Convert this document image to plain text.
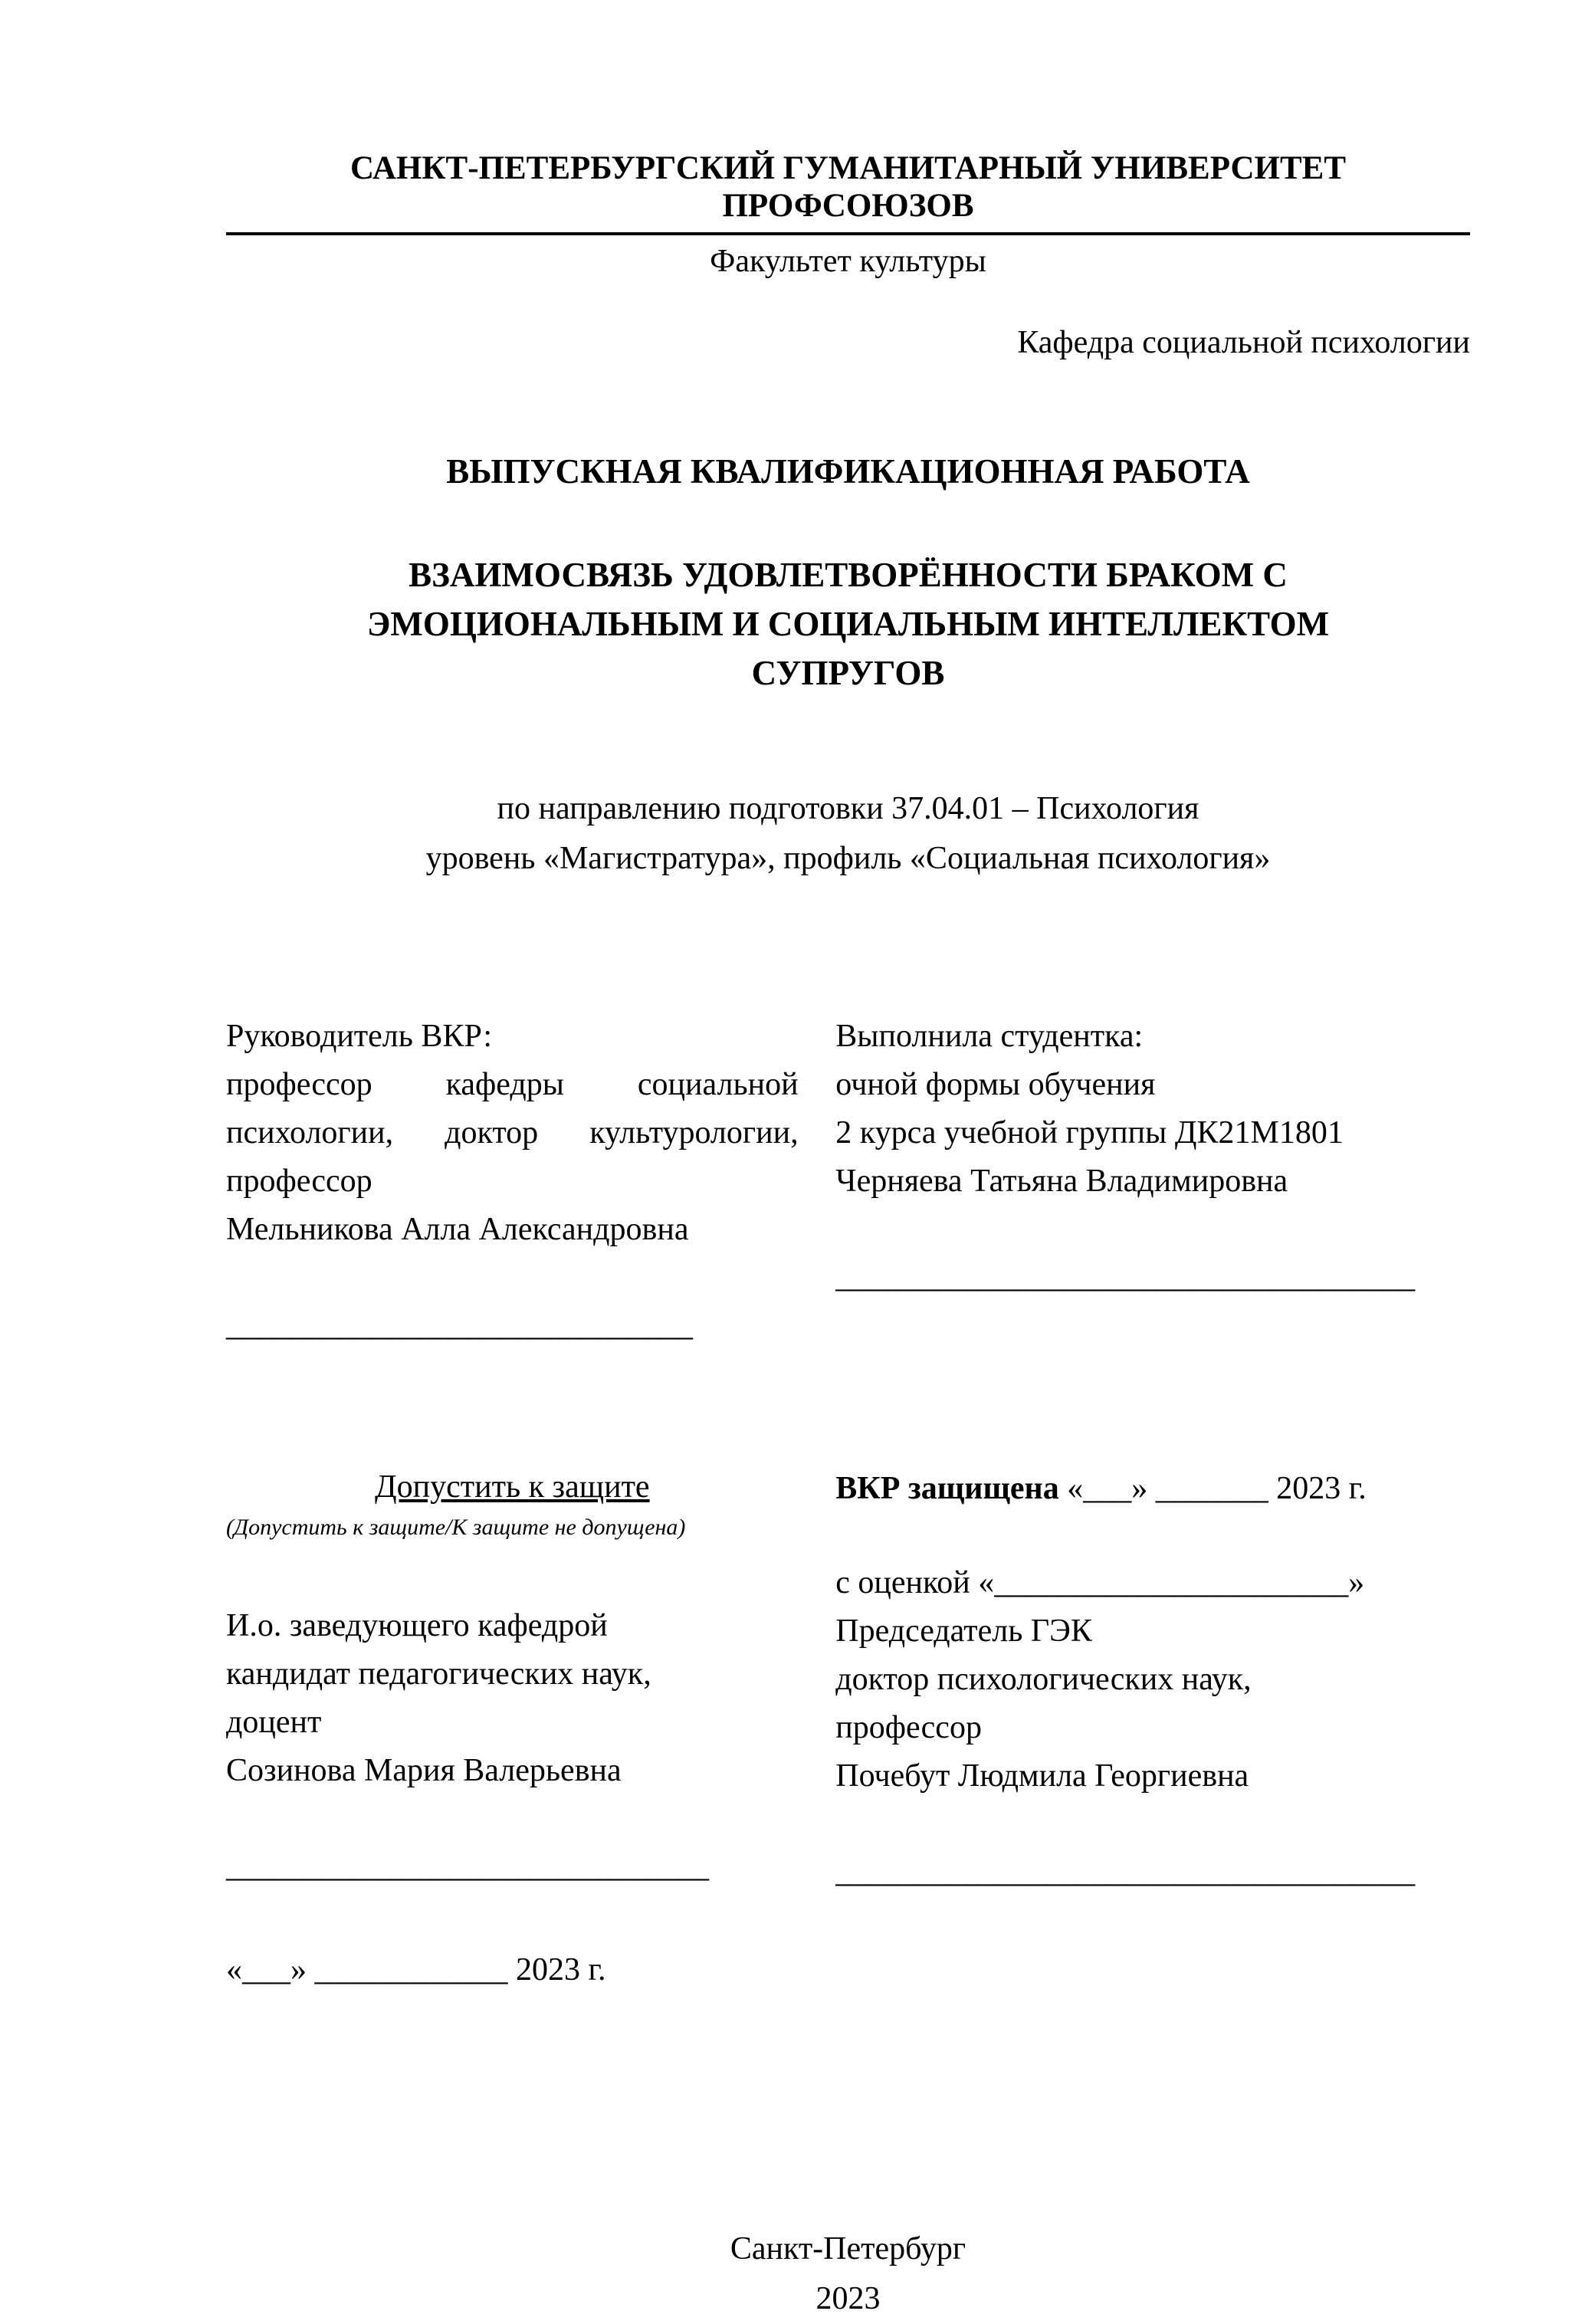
САНКТ-ПЕТЕРБУРГСКИЙ ГУМАНИТАРНЫЙ УНИВЕРСИТЕТ ПРОФСОЮЗОВ
Факультет культуры
Кафедра социальной психологии
ВЫПУСКНАЯ КВАЛИФИКАЦИОННАЯ РАБОТА
ВЗАИМОСВЯЗЬ УДОВЛЕТВОРЁННОСТИ БРАКОМ С
ЭМОЦИОНАЛЬНЫМ И СОЦИАЛЬНЫМ ИНТЕЛЛЕКТОМ
СУПРУГОВ
по направлению подготовки 37.04.01 – Психология
уровень «Магистратура», профиль «Социальная психология»
Руководитель ВКР:
профессор кафедры социальной психологии, доктор культурологии, профессор
Мельникова Алла Александровна
_____________________________
Выполнила студентка:
очной формы обучения
2 курса учебной группы ДК21М1801
Черняева Татьяна Владимировна
____________________________________
Допустить к защите
(Допустить к защите/К защите не допущена)
И.о. заведующего кафедрой
кандидат педагогических наук,
доцент
Созинова Мария Валерьевна
______________________________
«___» ____________ 2023 г.
ВКР защищена «___» _______ 2023 г.
с оценкой «______________________»
Председатель ГЭК
доктор психологических наук,
профессор
Почебут Людмила Георгиевна
____________________________________
Санкт-Петербург
2023
